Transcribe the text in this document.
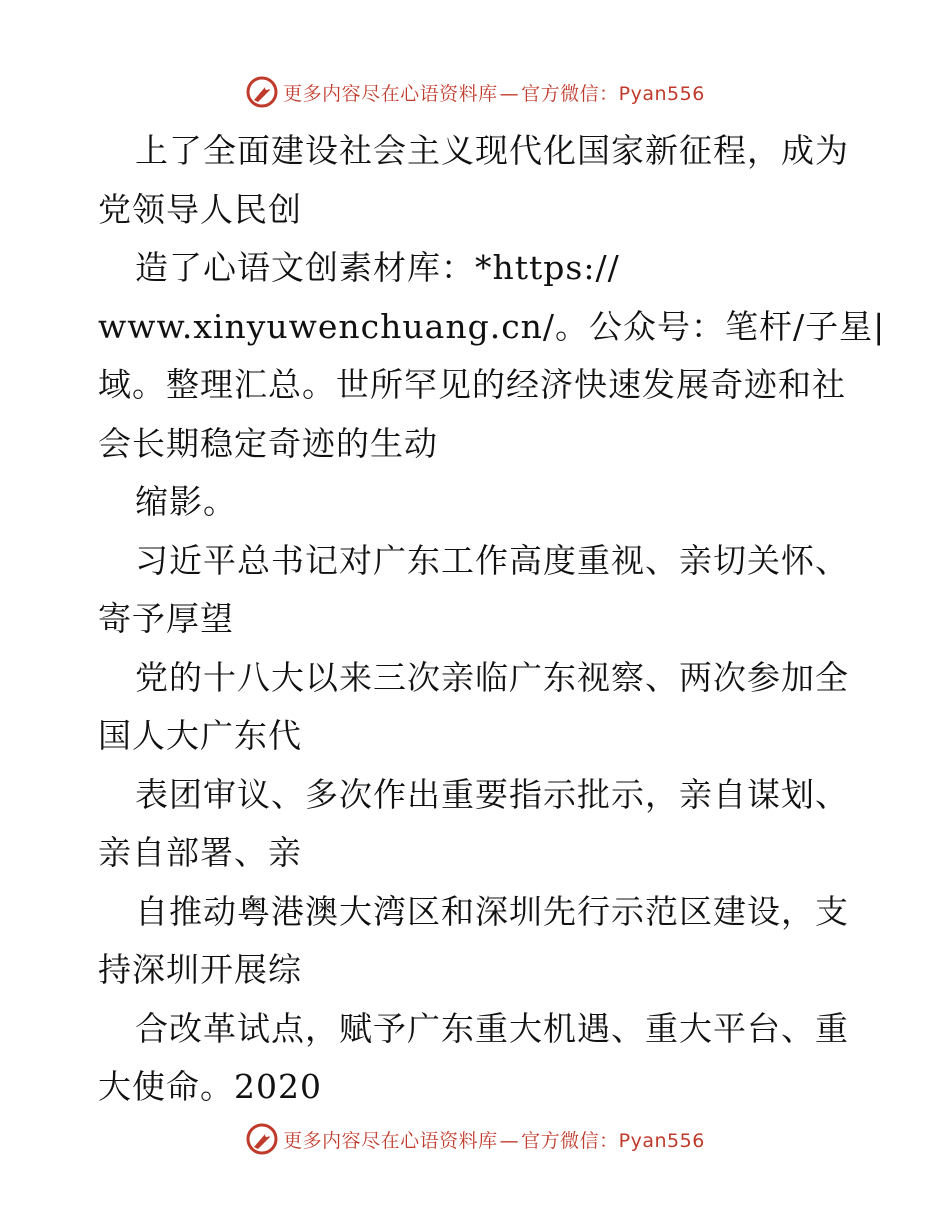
更多内容尽在心语资料库 — 官方微信：Pyan556
上了全面建设社会主义现代化国家新征程，成为
党领导人民创
造了心语文创素材库：*https://
www.xinyuwenchuang.cn/。公众号：笔杆/子星|
域。整理汇总。世所罕见的经济快速发展奇迹和社
会长期稳定奇迹的生动
缩影。
习近平总书记对广东工作高度重视、亲切关怀、
寄予厚望
党的十八大以来三次亲临广东视察、两次参加全
国人大广东代
表团审议、多次作出重要指示批示，亲自谋划、
亲自部署、亲
自推动粤港澳大湾区和深圳先行示范区建设，支
持深圳开展综
合改革试点，赋予广东重大机遇、重大平台、重
大使命。2020
更多内容尽在心语资料库 — 官方微信：Pyan556
